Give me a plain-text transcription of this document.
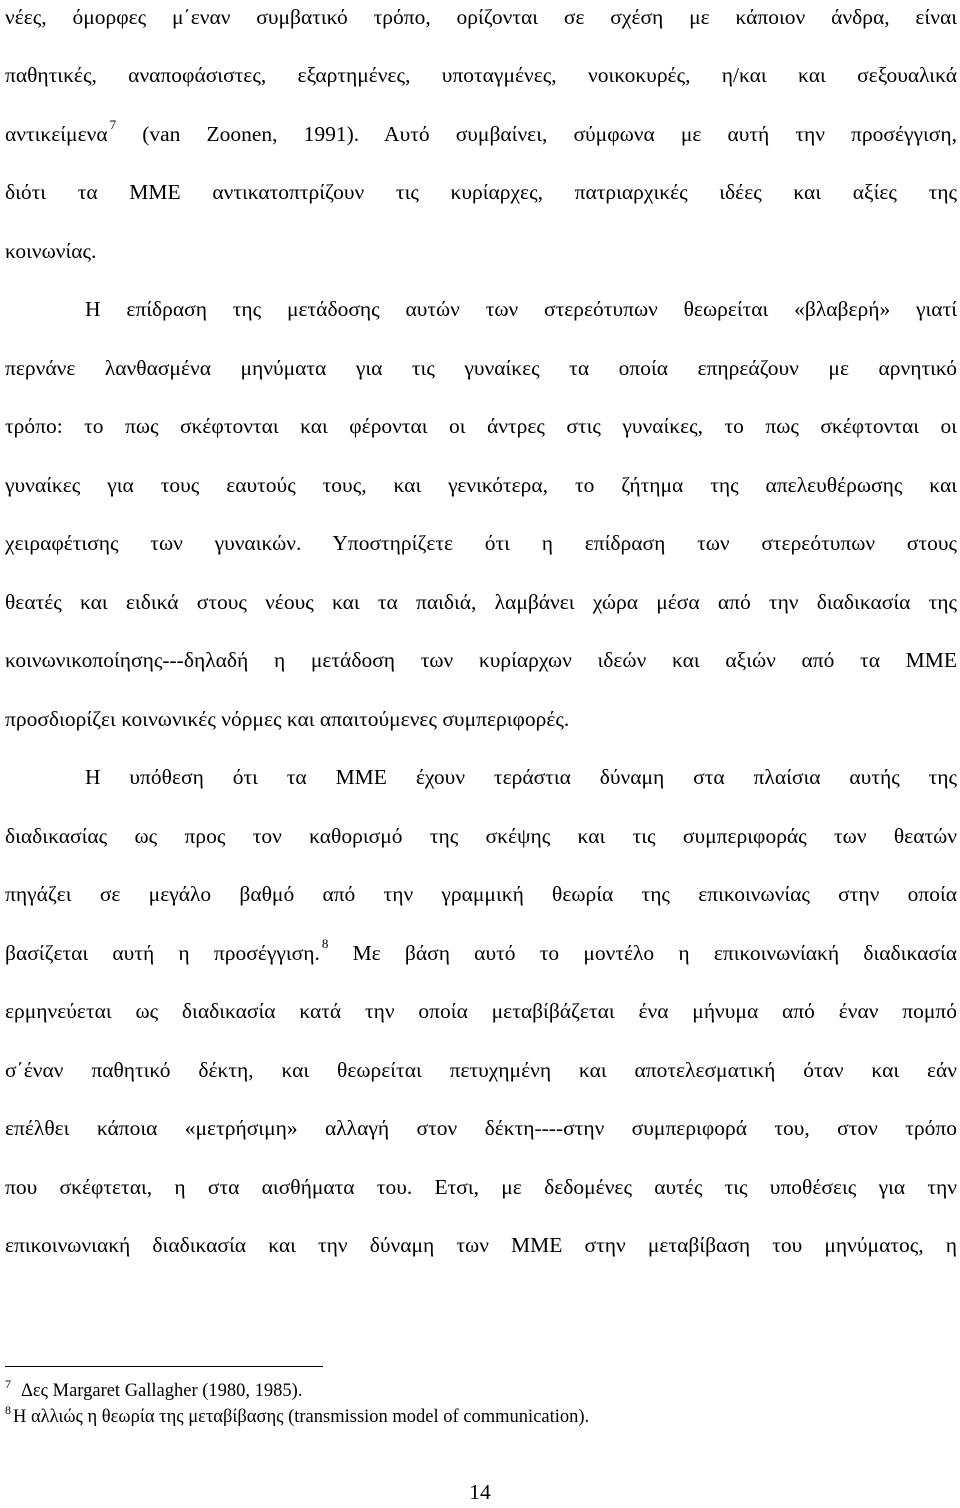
νέες, όμορφες μ΄εναν συμβατικό τρόπο, ορίζονται σε σχέση με κάποιον άνδρα, είναι
παθητικές, αναποφάσιστες, εξαρτημένες, υποταγμένες, νοικοκυρές, η/και και σεξουαλικά
αντικείμενα $^7$ (van Zoonen, 1991). Αυτό συμβαίνει, σύμφωνα με αυτή την προσέγγιση,
διότι τα ΜΜΕ αντικατοπτρίζουν τις κυρίαρχες, πατριαρχικές ιδέες και αξίες της
κοινωνίας.
Η επίδραση της μετάδοσης αυτών των στερεότυπων θεωρείται «βλαβερή» γιατί
περνάνε λανθασμένα μηνύματα για τις γυναίκες τα οποία επηρεάζουν με αρνητικό
τρόπο: το πως σκέφτονται και φέρονται οι άντρες στις γυναίκες, το πως σκέφτονται οι
γυναίκες για τους εαυτούς τους, και γενικότερα, το ζήτημα της απελευθέρωσης και
χειραφέτισης των γυναικών. Υποστηρίζετε ότι η επίδραση των στερεότυπων στους
θεατές και ειδικά στους νέους και τα παιδιά, λαμβάνει χώρα μέσα από την διαδικασία της
κοινωνικοποίησης---δηλαδή η μετάδοση των κυρίαρχων ιδεών και αξιών από τα ΜΜΕ
προσδιορίζει κοινωνικές νόρμες και απαιτούμενες συμπεριφορές.
Η υπόθεση ότι τα ΜΜΕ έχουν τεράστια δύναμη στα πλαίσια αυτής της
διαδικασίας ως προς τον καθορισμό της σκέψης και τις συμπεριφοράς των θεατών
πηγάζει σε μεγάλο βαθμό από την γραμμική θεωρία της επικοινωνίας στην οποία
βασίζεται αυτή η προσέγγιση. $^8$ Με βάση αυτό το μοντέλο η επικοινωνίακή διαδικασία
ερμηνεύεται ως διαδικασία κατά την οποία μεταβίβάζεται ένα μήνυμα από έναν πομπό
σ΄έναν παθητικό δέκτη, και θεωρείται πετυχημένη και αποτελεσματική όταν και εάν
επέλθει κάποια «μετρήσιμη» αλλαγή στον δέκτη----στην συμπεριφορά του, στον τρόπο
που σκέφτεται, η στα αισθήματα του. Ετσι, με δεδομένες αυτές τις υποθέσεις για την
επικοινωνιακή διαδικασία και την δύναμη των ΜΜΕ στην μεταβίβαση του μηνύματος, η
$^7$ Δες Margaret Gallagher (1980, 1985).
$^8$ Η αλλιώς η θεωρία της μεταβίβασης (transmission model of communication).
14
